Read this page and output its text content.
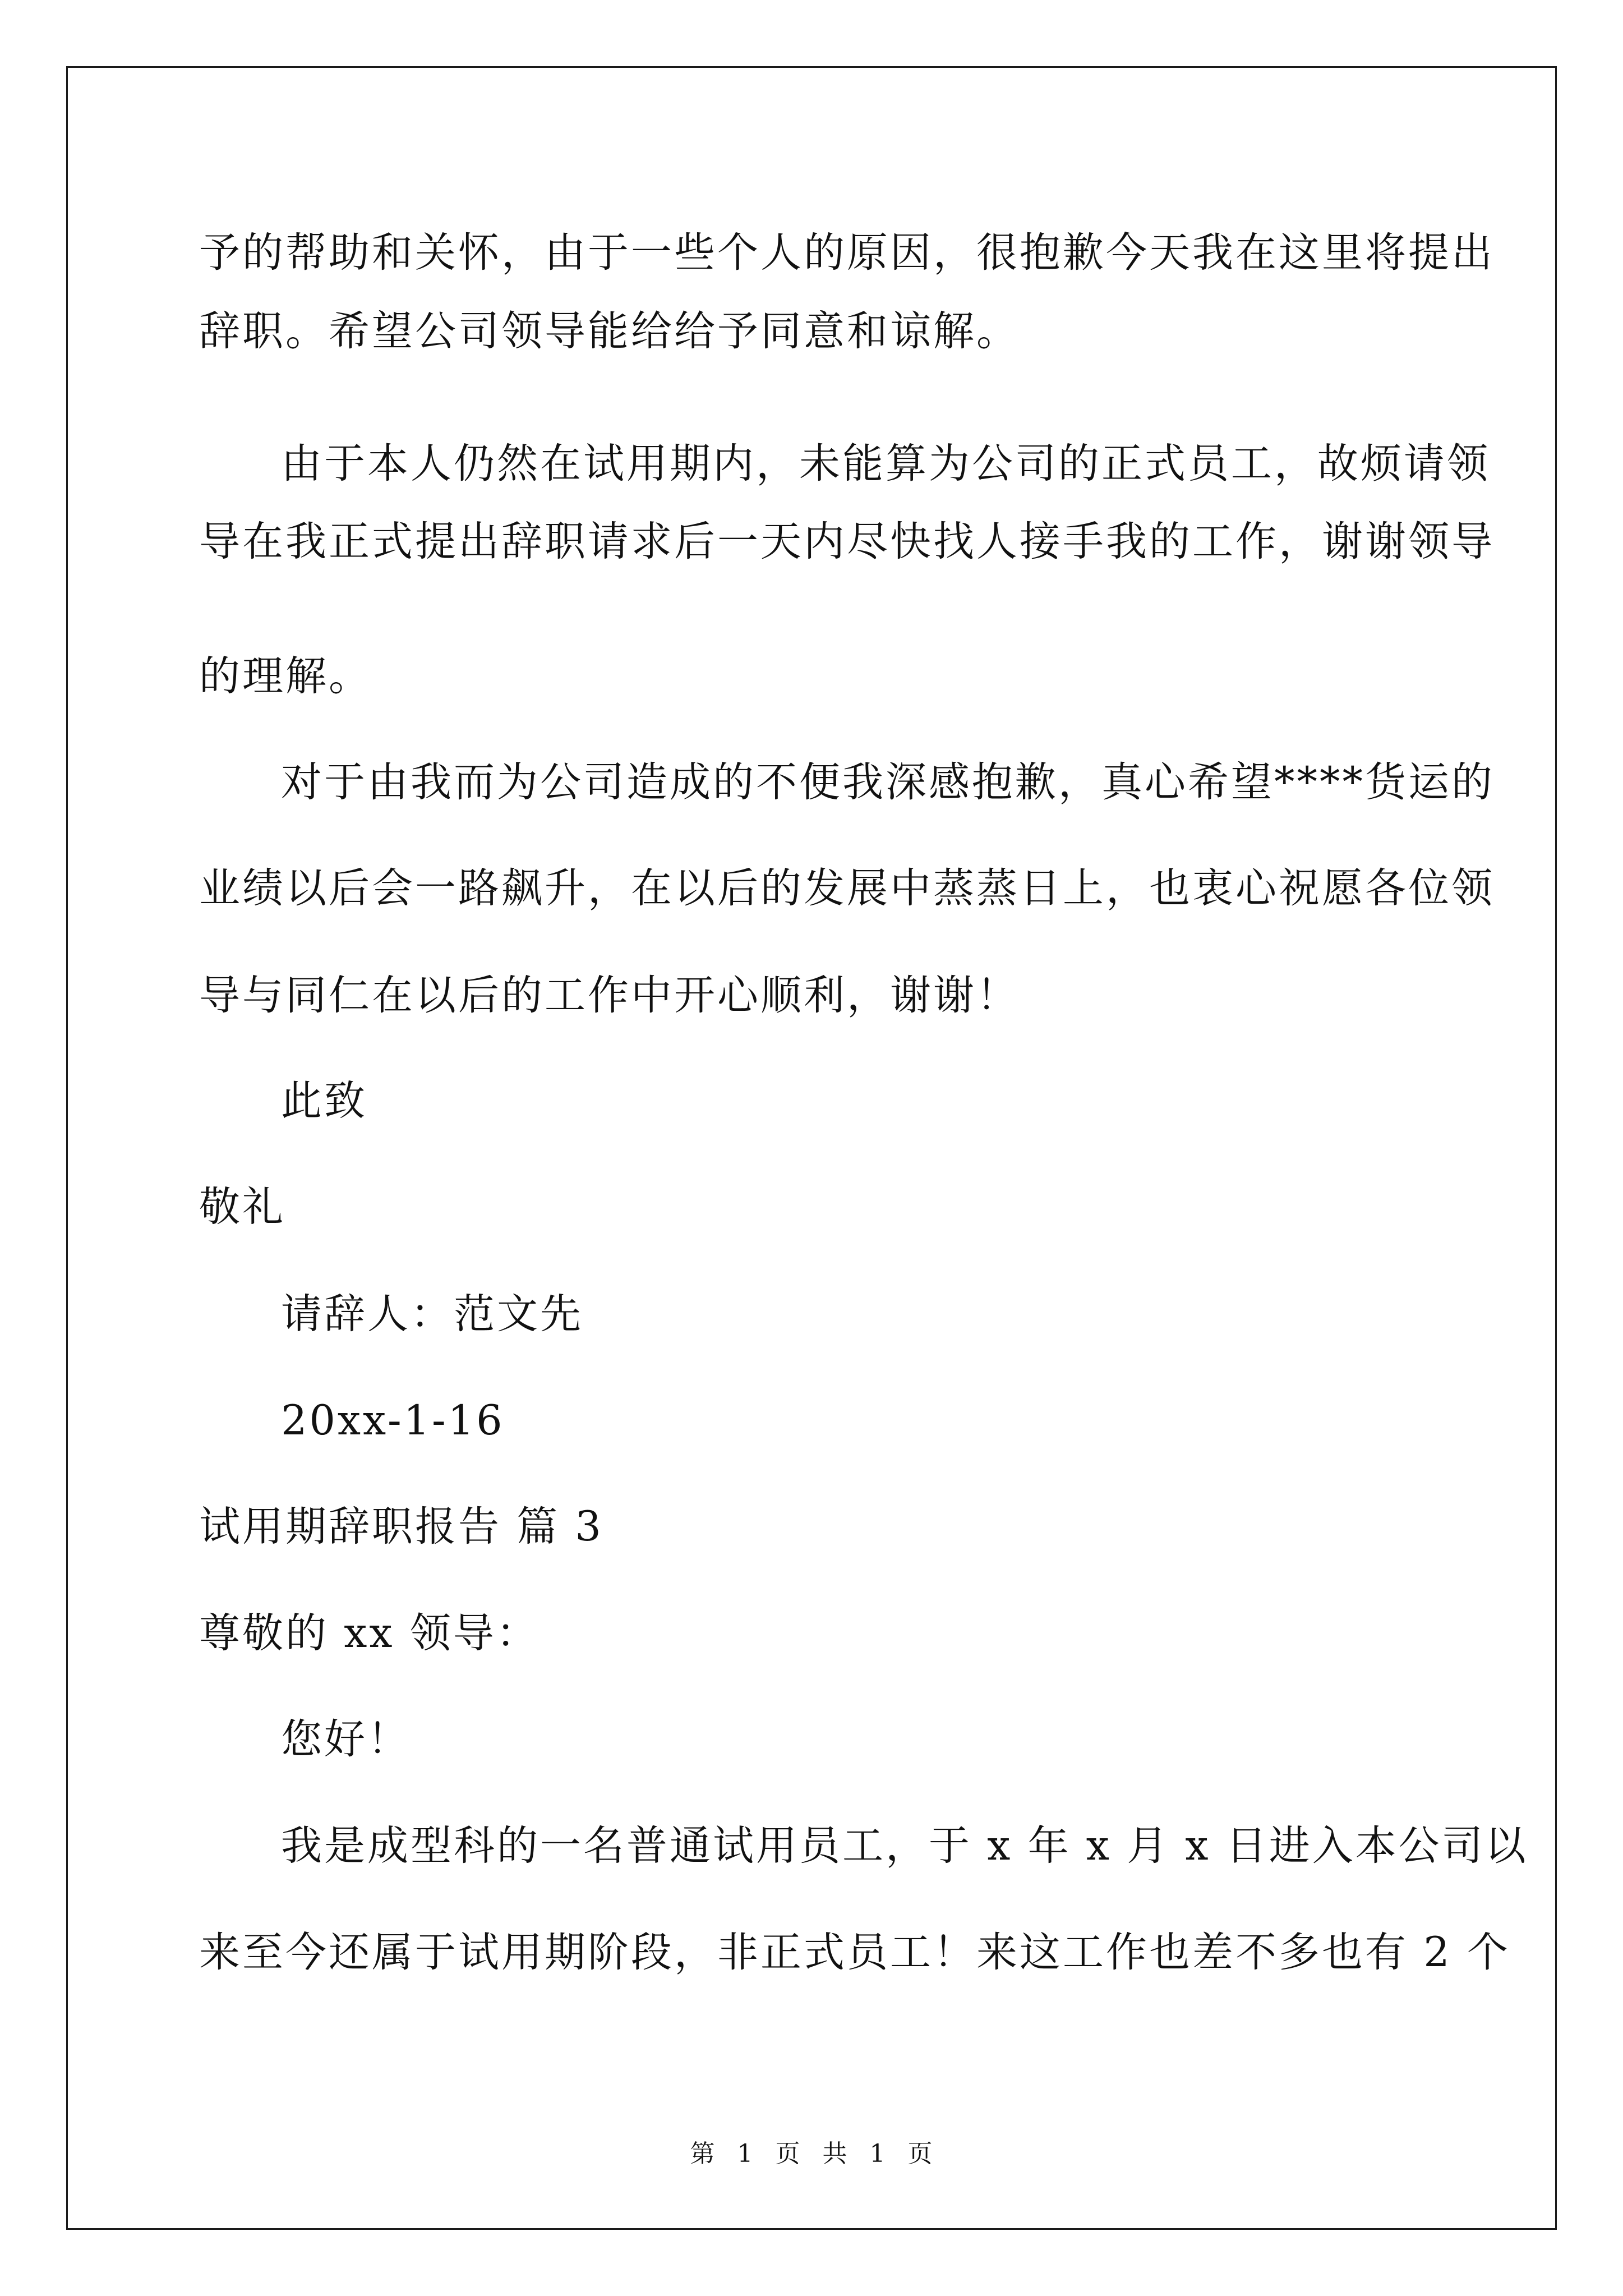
予的帮助和关怀，由于一些个人的原因，很抱歉今天我在这里将提出
辞职。希望公司领导能给给予同意和谅解。
由于本人仍然在试用期内，未能算为公司的正式员工，故烦请领
导在我正式提出辞职请求后一天内尽快找人接手我的工作，谢谢领导
的理解。
对于由我而为公司造成的不便我深感抱歉，真心希望****货运的
业绩以后会一路飙升，在以后的发展中蒸蒸日上，也衷心祝愿各位领
导与同仁在以后的工作中开心顺利，谢谢！
此致
敬礼
请辞人：范文先
20xx-1-16
试用期辞职报告 篇 3
尊敬的 xx 领导：
您好！
我是成型科的一名普通试用员工，于 x 年 x 月 x 日进入本公司以
来至今还属于试用期阶段，非正式员工！来这工作也差不多也有 2 个
第 1 页 共 1 页
